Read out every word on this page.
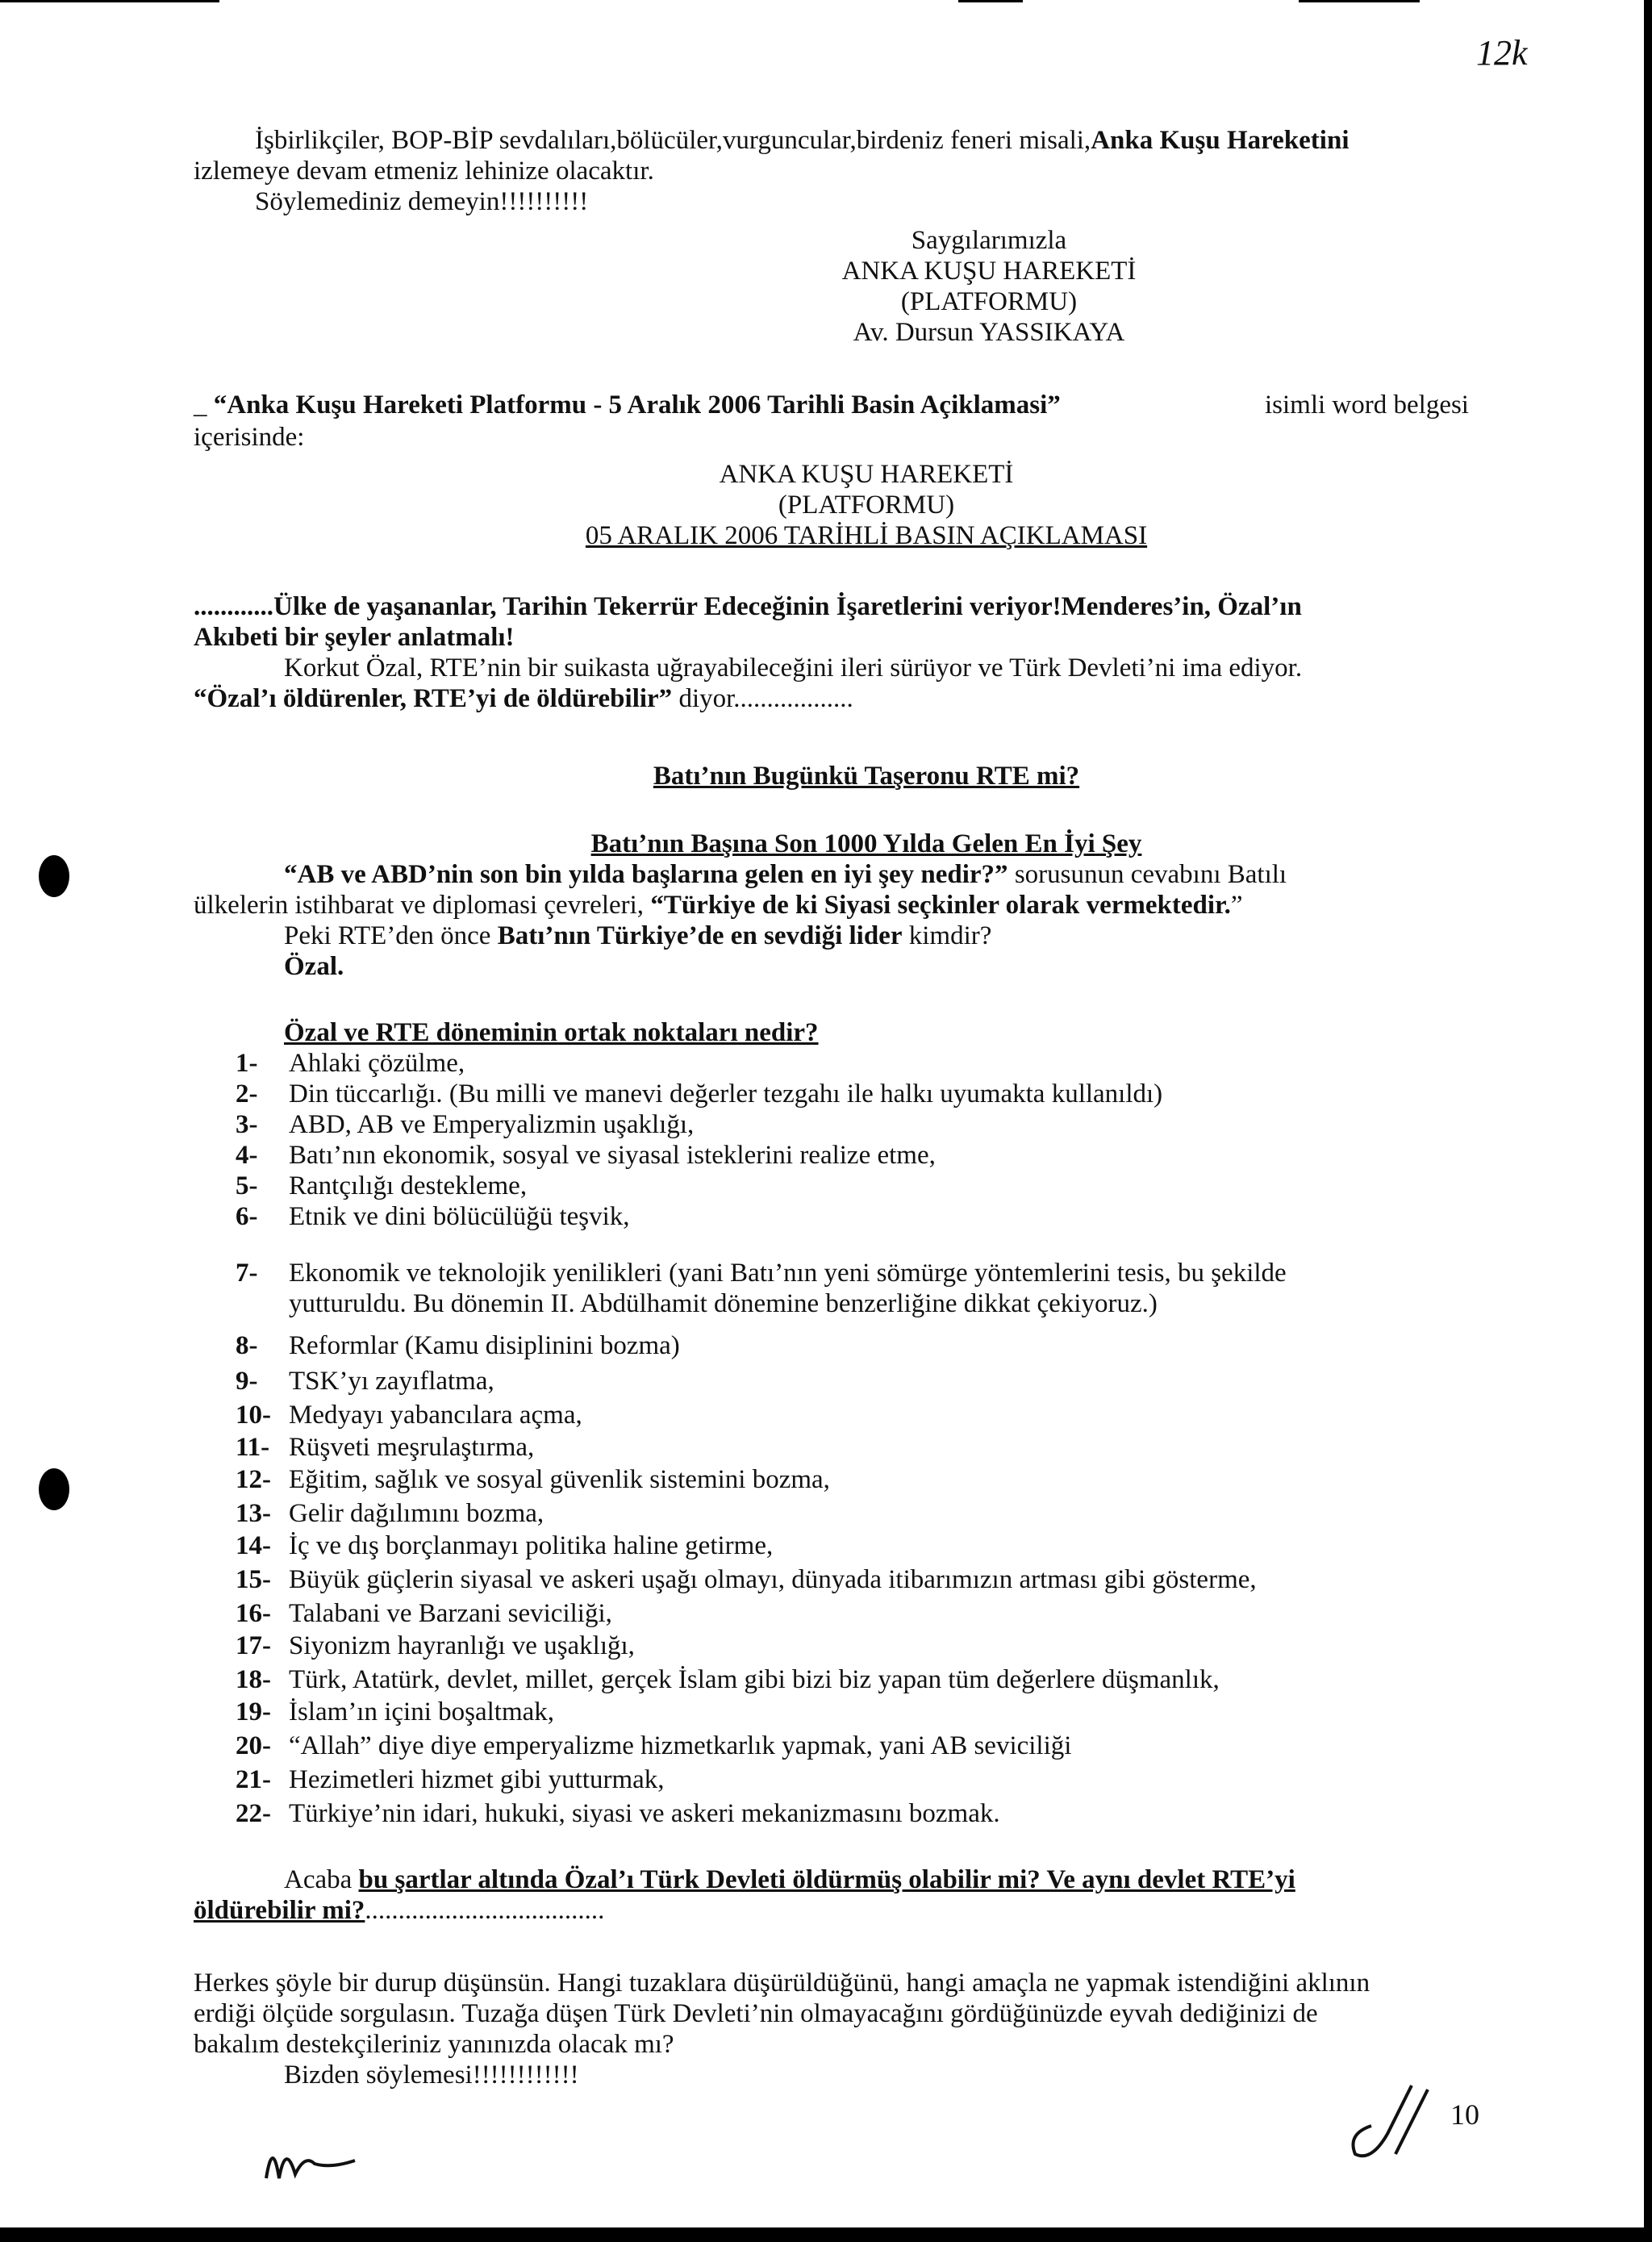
12k
İşbirlikçiler, BOP-BİP sevdalıları,bölücüler,vurguncular,birdeniz feneri misali,Anka Kuşu Hareketini
izlemeye devam etmeniz lehinize olacaktır.
Söylemediniz demeyin!!!!!!!!!!
Saygılarımızla
ANKA KUŞU HAREKETİ
(PLATFORMU)
Av. Dursun YASSIKAYA
_ “Anka Kuşu Hareketi Platformu - 5 Aralık 2006 Tarihli Basin Açiklamasi”	isimli word belgesi
içerisinde:
ANKA KUŞU HAREKETİ
(PLATFORMU)
05 ARALIK 2006 TARİHLİ BASIN AÇIKLAMASI
............Ülke de yaşananlar, Tarihin Tekerrür Edeceğinin İşaretlerini veriyor!Menderes’in, Özal’ın
Akıbeti bir şeyler anlatmalı!
Korkut Özal, RTE’nin bir suikasta uğrayabileceğini ileri sürüyor ve Türk Devleti’ni ima ediyor.
“Özal’ı öldürenler, RTE’yi de öldürebilir” diyor..................
Batı’nın Bugünkü Taşeronu RTE mi?
Batı’nın Başına Son 1000 Yılda Gelen En İyi Şey
“AB ve ABD’nin son bin yılda başlarına gelen en iyi şey nedir?” sorusunun cevabını Batılı
ülkelerin istihbarat ve diplomasi çevreleri, “Türkiye de ki Siyasi seçkinler olarak vermektedir.”
Peki RTE’den önce Batı’nın Türkiye’de en sevdiği lider kimdir?
Özal.
Özal ve RTE döneminin ortak noktaları nedir?
1-	Ahlaki çözülme,
2-	Din tüccarlığı. (Bu milli ve manevi değerler tezgahı ile halkı uyumakta kullanıldı)
3-	ABD, AB ve Emperyalizmin uşaklığı,
4-	Batı’nın ekonomik, sosyal ve siyasal isteklerini realize etme,
5-	Rantçılığı destekleme,
6-	Etnik ve dini bölücülüğü teşvik,
7-	Ekonomik ve teknolojik yenilikleri (yani Batı’nın yeni sömürge yöntemlerini tesis, bu şekilde
yutturuldu. Bu dönemin II. Abdülhamit dönemine benzerliğine dikkat çekiyoruz.)
8-	Reformlar (Kamu disiplinini bozma)
9-	TSK’yı zayıflatma,
10- Medyayı yabancılara açma,
11- Rüşveti meşrulaştırma,
12- Eğitim, sağlık ve sosyal güvenlik sistemini bozma,
13- Gelir dağılımını bozma,
14- İç ve dış borçlanmayı politika haline getirme,
15- Büyük güçlerin siyasal ve askeri uşağı olmayı, dünyada itibarımızın artması gibi gösterme,
16- Talabani ve Barzani seviciliği,
17- Siyonizm hayranlığı ve uşaklığı,
18- Türk, Atatürk, devlet, millet, gerçek İslam gibi bizi biz yapan tüm değerlere düşmanlık,
19- İslam’ın içini boşaltmak,
20- “Allah” diye diye emperyalizme hizmetkarlık yapmak, yani AB seviciliği
21- Hezimetleri hizmet gibi yutturmak,
22- Türkiye’nin idari, hukuki, siyasi ve askeri mekanizmasını bozmak.
Acaba bu şartlar altında Özal’ı Türk Devleti öldürmüş olabilir mi? Ve aynı devlet RTE’yi
öldürebilir mi?....................................
Herkes şöyle bir durup düşünsün. Hangi tuzaklara düşürüldüğünü, hangi amaçla ne yapmak istendiğini aklının
erdiği ölçüde sorgulasın. Tuzağa düşen Türk Devleti’nin olmayacağını gördüğünüzde eyvah dediğinizi de
bakalım destekçileriniz yanınızda olacak mı?
Bizden söylemesi!!!!!!!!!!!!
10
